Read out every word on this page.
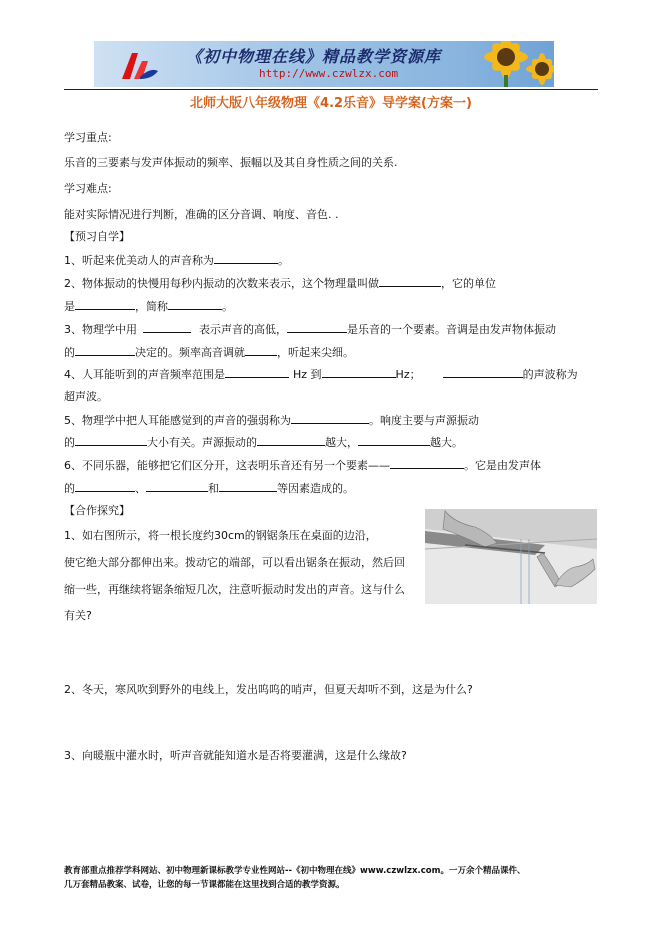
《初中物理在线》精品教学资源库
http://www.czwlzx.com
北师大版八年级物理《4.2乐音》导学案(方案一)
学习重点:
乐音的三要素与发声体振动的频率、振幅以及其自身性质之间的关系.
学习难点:
能对实际情况进行判断，准确的区分音调、响度、音色. .
【预习自学】
1、听起来优美动人的声音称为	。
2、物体振动的快慢用每秒内振动的次数来表示，这个物理量叫做	，它的单位
是	，简称	。
3、物理学中用	表示声音的高低，	是乐音的一个要素。音调是由发声物体振动
的	决定的。频率高音调就	，听起来尖细。
4、人耳能听到的声音频率范围是	Hz 到	Hz；	的声波称为
超声波。
5、物理学中把人耳能感觉到的声音的强弱称为	。响度主要与声源振动
的	大小有关。声源振动的	越大，	越大。
6、不同乐器，能够把它们区分开，这表明乐音还有另一个要素——	。它是由发声体
的	、	和	等因素造成的。
【合作探究】
1、如右图所示，将一根长度约30cm的钢锯条压在桌面的边沿，
使它绝大部分都伸出来。拨动它的端部，可以看出锯条在振动，然后回
缩一些，再继续将锯条缩短几次，注意听振动时发出的声音。这与什么
有关?
2、冬天，寒风吹到野外的电线上，发出呜呜的哨声，但夏天却听不到，这是为什么?
3、向暖瓶中灌水时，听声音就能知道水是否将要灌满，这是什么缘故?
教育部重点推荐学科网站、初中物理新课标教学专业性网站--《初中物理在线》www.czwlzx.com。一万余个精品课件、
几万套精品教案、试卷，让您的每一节课都能在这里找到合适的教学资源。
